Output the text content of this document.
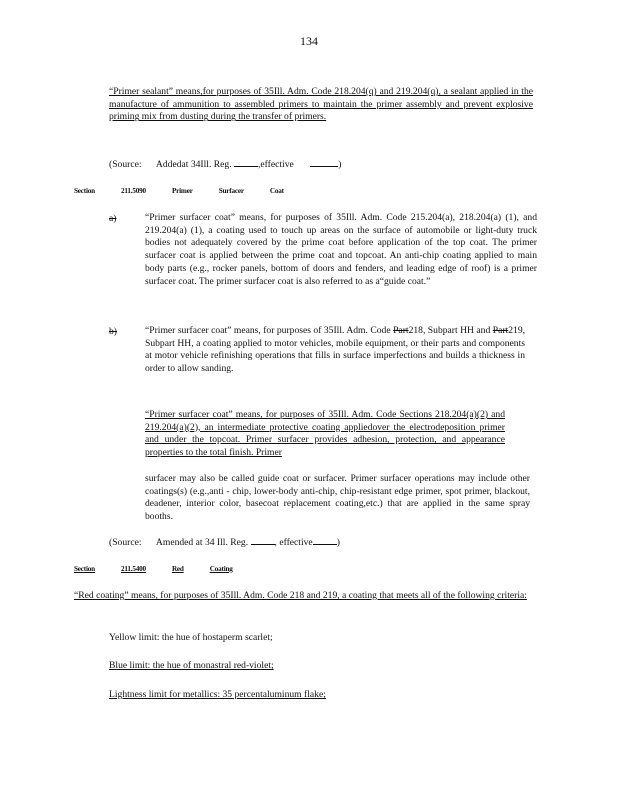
134
“Primer sealant” means,for purposes of 35Ill. Adm. Code 218.204(q) and 219.204(q), a sealant applied in the manufacture of ammunition to assembled primers to maintain the primer assembly and prevent explosive priming mix from dusting during the transfer of primers.
(Source: Addedat 34Ill. Reg.	,effective	)
Section	211.5090	Primer	Surfacer	Coat
a)	“Primer surfacer coat” means, for purposes of 35Ill. Adm. Code 215.204(a), 218.204(a) (1), and 219.204(a) (1), a coating used to touch up areas on the surface of automobile or light-duty truck bodies not adequately covered by the prime coat before application of the top coat. The primer surfacer coat is applied between the prime coat and topcoat. An anti-chip coating applied to main body parts (e.g., rocker panels, bottom of doors and fenders, and leading edge of roof) is a primer surfacer coat. The primer surfacer coat is also referred to as a“guide coat.”
b)	“Primer surfacer coat” means, for purposes of 35Ill. Adm. Code Part218, Subpart HH and Part219, Subpart HH, a coating applied to motor vehicles, mobile equipment, or their parts and components at motor vehicle refinishing operations that fills in surface imperfections and builds a thickness in order to allow sanding.
“Primer surfacer coat” means, for purposes of 35Ill. Adm. Code Sections 218.204(a)(2) and 219.204(a)(2), an intermediate protective coating appliedover the electrodeposition primer and under the topcoat. Primer surfacer provides adhesion, protection, and appearance properties to the total finish. Primer
surfacer may also be called guide coat or surfacer. Primer surfacer operations may include other coatings(s) (e.g.,anti - chip, lower-body anti-chip, chip-resistant edge primer, spot primer, blackout, deadener, interior color, basecoat replacement coating,etc.) that are applied in the same spray booths.
(Source: Amended at 34 Ill. Reg.	, effective	)
Section	211.5400	Red	Coating
“Red coating” means, for purposes of 35Ill. Adm. Code 218 and 219, a coating that meets all of the following criteria:
Yellow limit: the hue of hostaperm scarlet;
Blue limit: the hue of monastral red-violet;
Lightness limit for metallics: 35 percentaluminum flake;
